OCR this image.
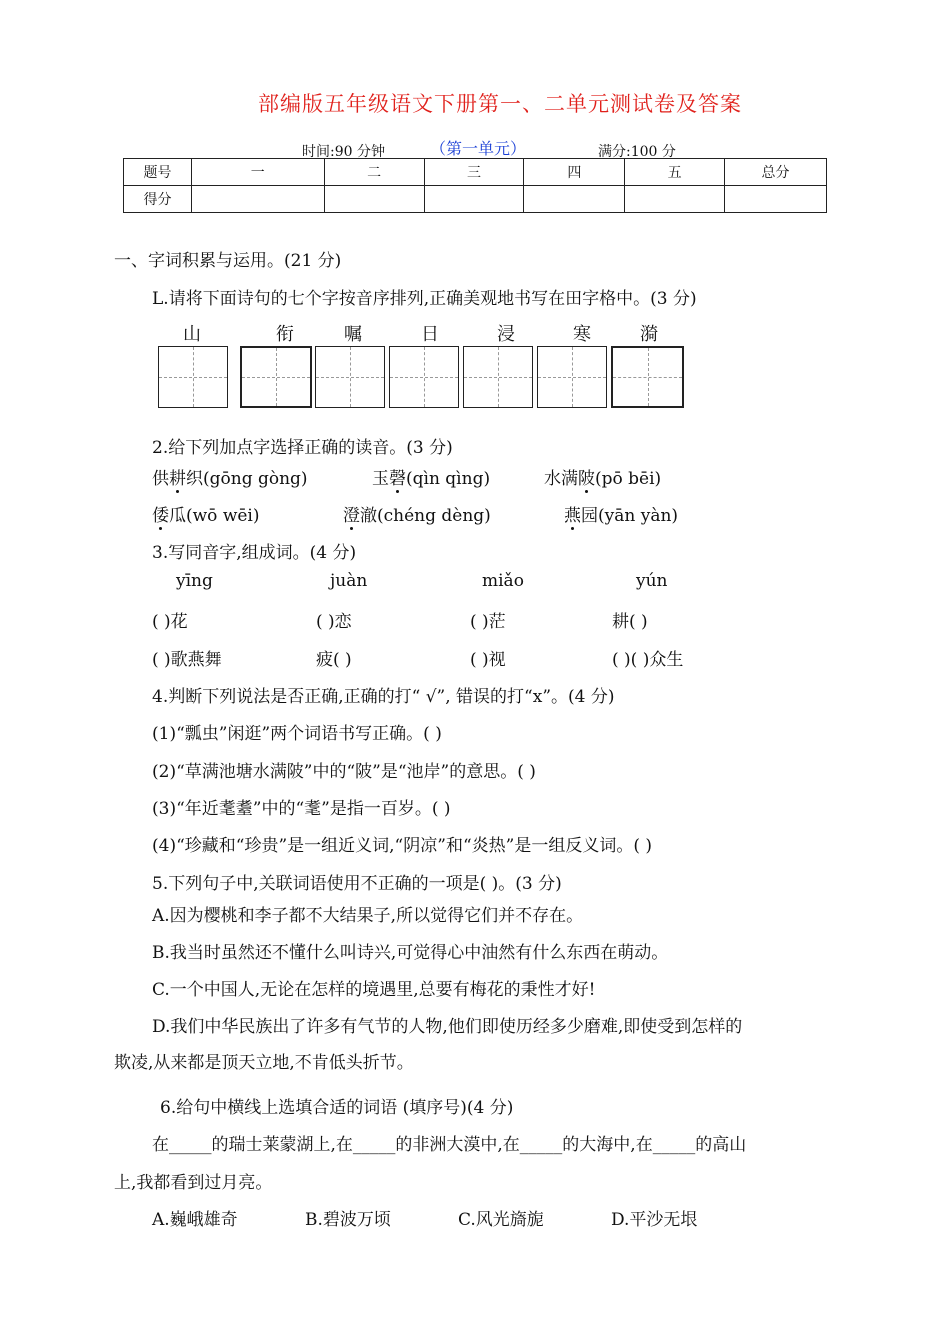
部编版五年级语文下册第一、二单元测试卷及答案
时间:90 分钟	（第一单元）	满分:100 分
题号	一	二	三	四	五	总分
得分						
一、字词积累与运用。(21 分)
L.请将下面诗句的七个字按音序排列,正确美观地书写在田字格中。(3 分)
山	衔	嘱	日	浸	寒	漪
2.给下列加点字选择正确的读音。(3 分)
供耕织(gōng gòng)	玉磬(qìn qìng)	水满陂(pō bēi)
倭瓜(wō wēi)	澄澈(chéng dèng)	燕园(yān yàn)
3.写同音字,组成词。(4 分)
yīng	juàn	miǎo	yún
( )花	( )恋	( )茫	耕( )
( )歌燕舞	疲( )	( )视	( )( )众生
4.判断下列说法是否正确,正确的打“ √”, 错误的打“x”。(4 分)
(1)“瓢虫”闲逛”两个词语书写正确。( )
(2)“草满池塘水满陂”中的“陂”是“池岸”的意思。( )
(3)“年近耄耋”中的“耄”是指一百岁。( )
(4)“珍藏和“珍贵”是一组近义词,“阴凉”和“炎热”是一组反义词。( )
5.下列句子中,关联词语使用不正确的一项是( )。(3 分)
A.因为樱桃和李子都不大结果子,所以觉得它们并不存在。
B.我当时虽然还不懂什么叫诗兴,可觉得心中油然有什么东西在萌动。
C.一个中国人,无论在怎样的境遇里,总要有梅花的秉性才好!
D.我们中华民族出了许多有气节的人物,他们即使历经多少磨难,即使受到怎样的
欺凌,从来都是顶天立地,不肯低头折节。
6.给句中横线上选填合适的词语 (填序号)(4 分)
在_____的瑞士莱蒙湖上,在_____的非洲大漠中,在_____的大海中,在_____的高山
上,我都看到过月亮。
A.巍峨雄奇	B.碧波万顷	C.风光旖旎	D.平沙无垠
